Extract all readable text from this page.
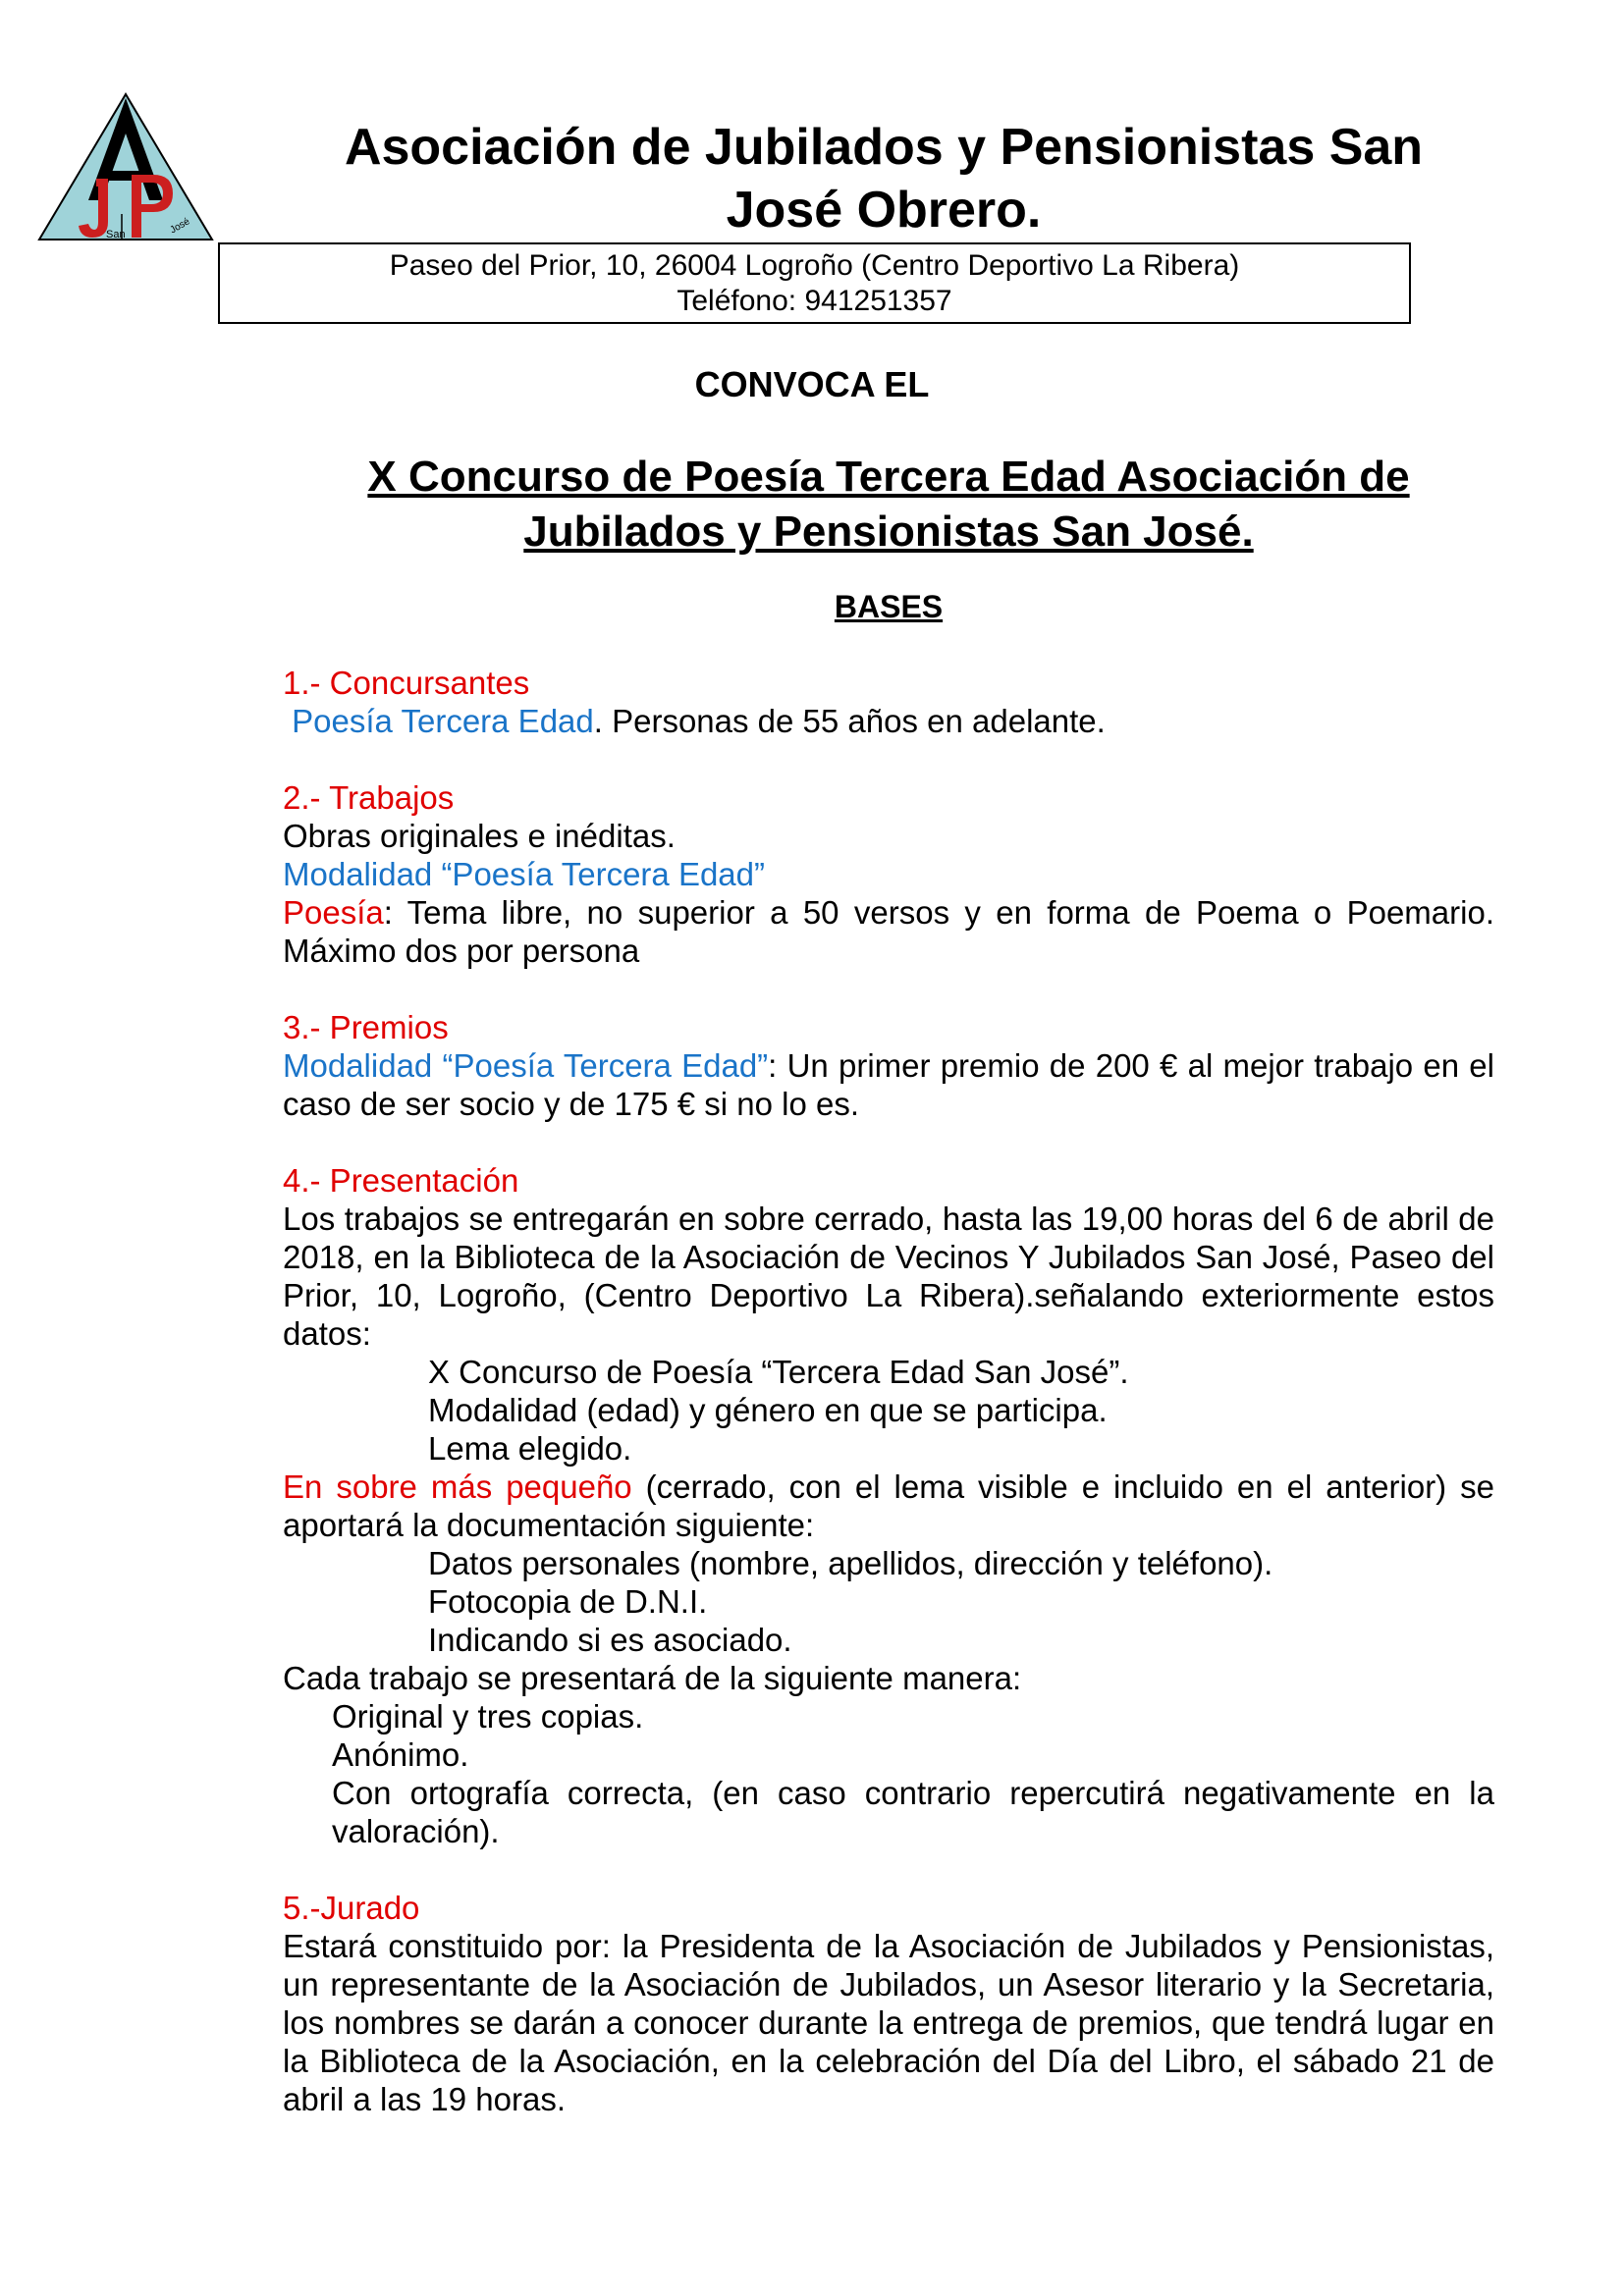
San	José
Asociación de Jubilados y Pensionistas San
José Obrero.
Paseo del Prior, 10, 26004 Logroño (Centro Deportivo La Ribera)
Teléfono: 941251357
CONVOCA EL
X Concurso de Poesía Tercera Edad Asociación de
Jubilados y Pensionistas San José.
BASES

1.- Concursantes

Poesía Tercera Edad. Personas de 55 años en adelante.

2.- Trabajos

Obras originales e inéditas.

Modalidad “Poesía Tercera Edad”

Poesía: Tema libre, no superior a 50 versos y en forma de Poema o Poemario. Máximo dos por persona

3.- Premios

Modalidad “Poesía Tercera Edad”: Un primer premio de 200 € al mejor trabajo en el caso de ser socio y de 175 € si no lo es.

4.- Presentación

Los trabajos se entregarán en sobre cerrado, hasta las 19,00 horas del 6 de abril de 2018, en la Biblioteca de la Asociación de Vecinos Y Jubilados San José, Paseo del Prior, 10, Logroño, (Centro Deportivo La Ribera).señalando exteriormente estos datos:

X Concurso de Poesía “Tercera Edad San José”.

Modalidad (edad) y género en que se participa.

Lema elegido.

En sobre más pequeño (cerrado, con el lema visible e incluido en el anterior) se aportará la documentación siguiente:

Datos personales (nombre, apellidos, dirección y teléfono).

Fotocopia de D.N.I.

Indicando si es asociado.

Cada trabajo se presentará de la siguiente manera:

Original y tres copias.

Anónimo.

Con ortografía correcta, (en caso contrario repercutirá negativamente en la valoración).

5.-Jurado

Estará constituido por: la Presidenta de la Asociación de Jubilados y Pensionistas, un representante de la Asociación de Jubilados, un Asesor literario y la Secretaria, los nombres se darán a conocer durante la entrega de premios, que tendrá lugar en la Biblioteca de la Asociación, en la celebración del Día del Libro, el sábado 21 de abril a las 19 horas.
